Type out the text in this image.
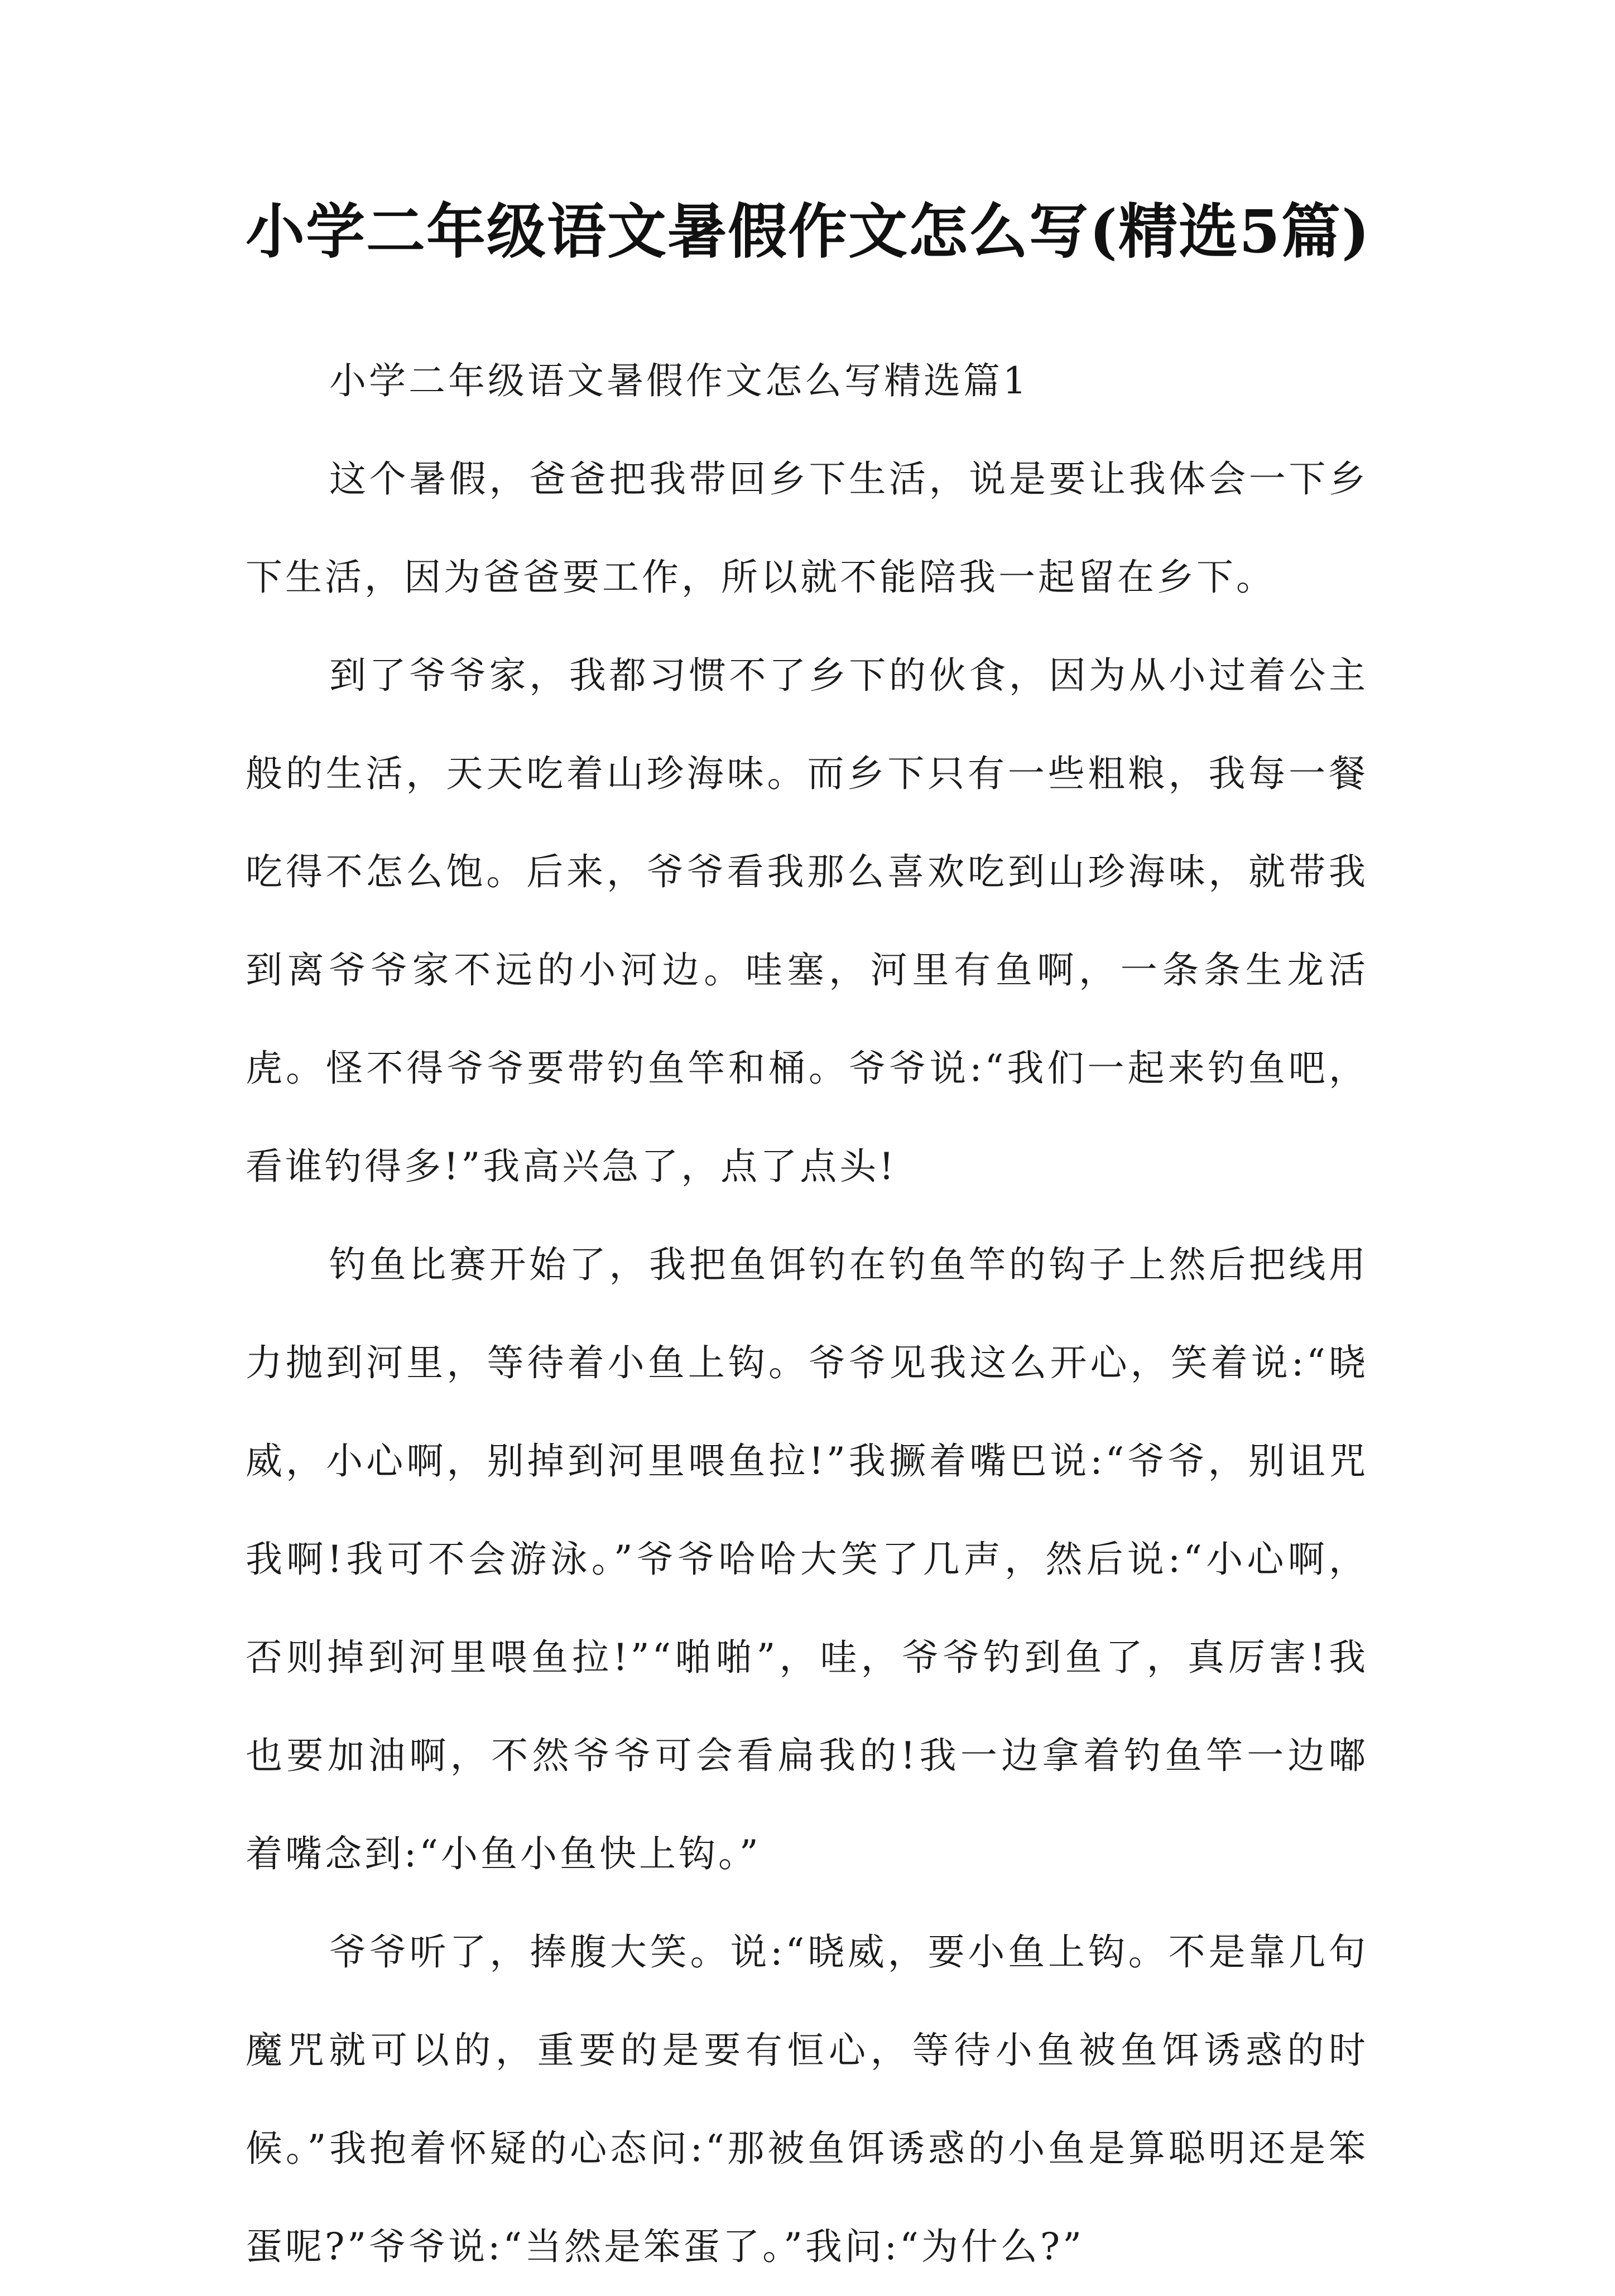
小学二年级语文暑假作文怎么写(精选5篇)

小学二年级语文暑假作文怎么写精选篇1

这个暑假，爸爸把我带回乡下生活，说是要让我体会一下乡下生活，因为爸爸要工作，所以就不能陪我一起留在乡下。

到了爷爷家，我都习惯不了乡下的伙食，因为从小过着公主般的生活，天天吃着山珍海味。而乡下只有一些粗粮，我每一餐吃得不怎么饱。后来，爷爷看我那么喜欢吃到山珍海味，就带我到离爷爷家不远的小河边。哇塞，河里有鱼啊，一条条生龙活虎。怪不得爷爷要带钓鱼竿和桶。爷爷说:“我们一起来钓鱼吧，看谁钓得多!”我高兴急了，点了点头!

钓鱼比赛开始了，我把鱼饵钓在钓鱼竿的钩子上然后把线用力抛到河里，等待着小鱼上钩。爷爷见我这么开心，笑着说:“晓威，小心啊，别掉到河里喂鱼拉!”我撅着嘴巴说:“爷爷，别诅咒我啊!我可不会游泳。”爷爷哈哈大笑了几声，然后说:“小心啊，否则掉到河里喂鱼拉!”“啪啪”，哇，爷爷钓到鱼了，真厉害!我也要加油啊，不然爷爷可会看扁我的!我一边拿着钓鱼竿一边嘟着嘴念到:“小鱼小鱼快上钩。”

爷爷听了，捧腹大笑。说:“晓威，要小鱼上钩。不是靠几句魔咒就可以的，重要的是要有恒心，等待小鱼被鱼饵诱惑的时候。”我抱着怀疑的心态问:“那被鱼饵诱惑的小鱼是算聪明还是笨蛋呢?”爷爷说:“当然是笨蛋了。”我问:“为什么?”
